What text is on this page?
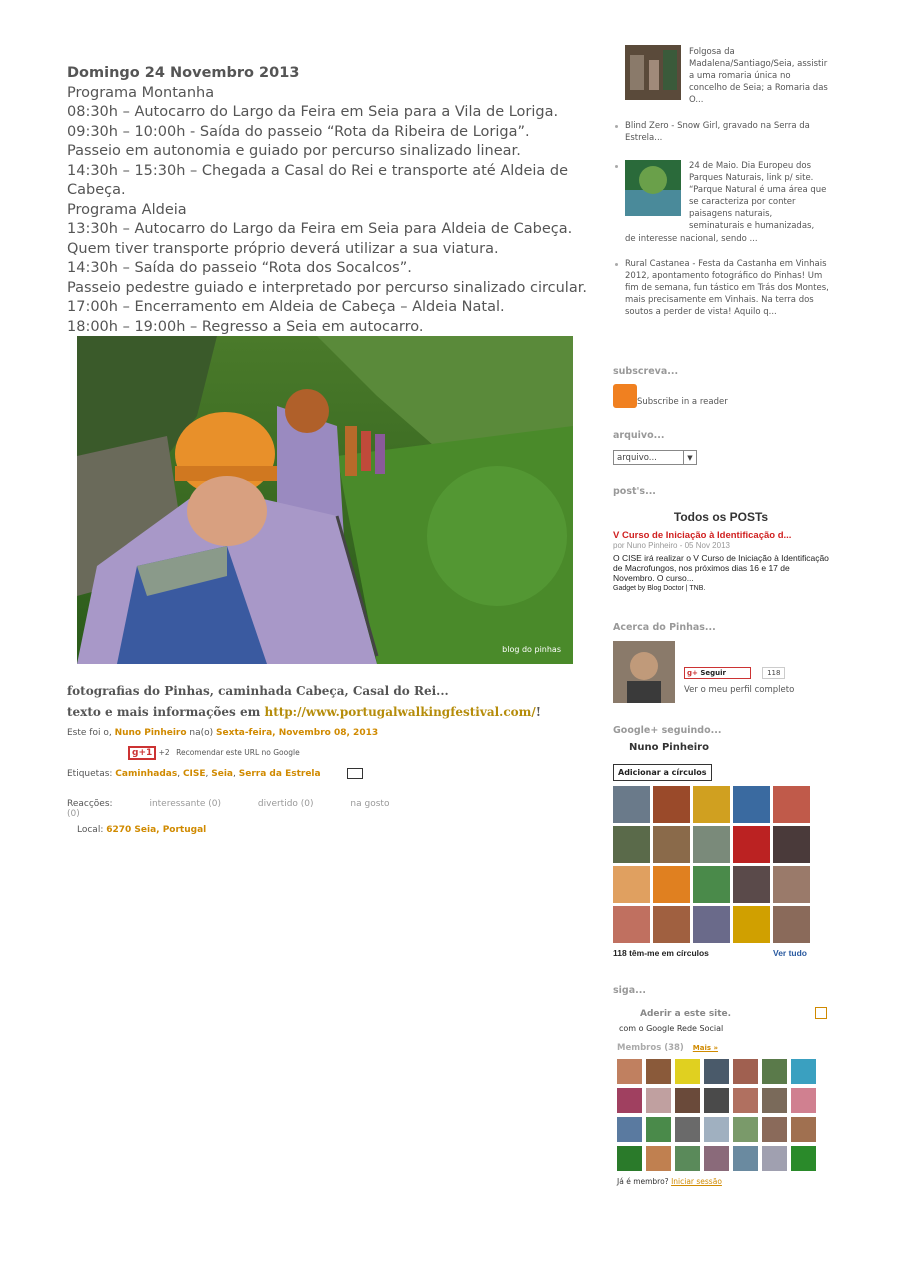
Domingo 24 Novembro 2013
Programa Montanha
08:30h – Autocarro do Largo da Feira em Seia para a Vila de Loriga.
09:30h – 10:00h - Saída do passeio “Rota da Ribeira de Loriga”.
Passeio em autonomia e guiado por percurso sinalizado linear.
14:30h – 15:30h – Chegada a Casal do Rei e transporte até Aldeia de
Cabeça.
Programa Aldeia
13:30h – Autocarro do Largo da Feira em Seia para Aldeia de Cabeça.
Quem tiver transporte próprio deverá utilizar a sua viatura.
14:30h – Saída do passeio “Rota dos Socalcos”.
Passeio pedestre guiado e interpretado por percurso sinalizado circular.
17:00h – Encerramento em Aldeia de Cabeça – Aldeia Natal.
18:00h – 19:00h – Regresso a Seia em autocarro.
blog do pinhas
fotografias do Pinhas, caminhada Cabeça, Casal do Rei...
texto e mais informações em http://www.portugalwalkingfestival.com/!
Este foi o, Nuno Pinheiro na(o) Sexta-feira, Novembro 08, 2013
g+1 +2 Recomendar este URL no Google
Etiquetas: Caminhadas, CISE, Seia, Serra da Estrela
Reacções:	interessante (0)	divertido (0)	na gosto (0)
Local: 6270 Seia, Portugal
Folgosa da Madalena/Santiago/Seia, assistir a uma romaria única no concelho de Seia; a Romaria das O...
Blind Zero - Snow Girl, gravado na Serra da Estrela...
24 de Maio. Dia Europeu dos Parques Naturais, link p/ site. “Parque Natural é uma área que se caracteriza por conter paisagens naturais, seminaturais e humanizadas,
de interesse nacional, sendo ...
Rural Castanea - Festa da Castanha em Vinhais 2012, apontamento fotográfico do Pinhas! Um fim de semana, fun tástico em Trás dos Montes, mais precisamente em Vinhais. Na terra dos soutos a perder de vista! Aquilo q...
subscreva...
Subscribe in a reader
arquivo...
arquivo...	▼
post's...
Todos os POSTs
V Curso de Iniciação à Identificação d...
por Nuno Pinheiro - 05 Nov 2013
O CISE irá realizar o V Curso de Iniciação à Identificação de Macrofungos, nos próximos dias 16 e 17 de Novembro. O curso...
Gadget by Blog Doctor | TNB.
Acerca do Pinhas...
g+ Seguir	118
Ver o meu perfil completo
Google+ seguindo...
Nuno Pinheiro
Adicionar a círculos
118 têm-me em círculos	Ver tudo
siga...
Aderir a este site.
com o Google Rede Social
Membros (38) Mais »
Já é membro? Iniciar sessão
